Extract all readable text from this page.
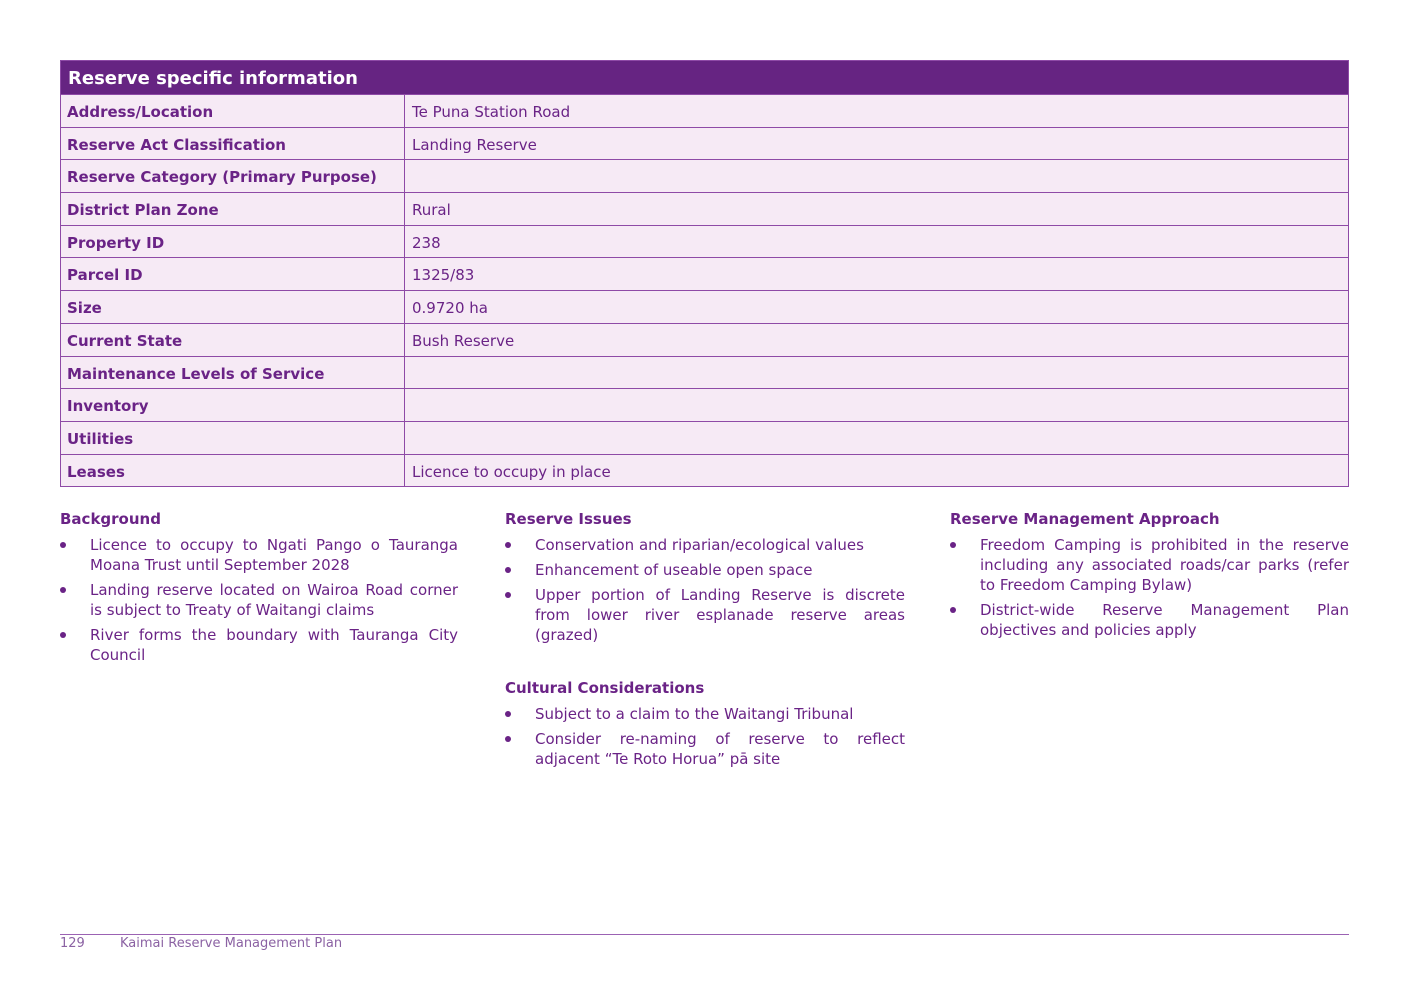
Reserve specific information
Address/Location	Te Puna Station Road
Reserve Act Classification	Landing Reserve
Reserve Category (Primary Purpose)
District Plan Zone	Rural
Property ID	238
Parcel ID	1325/83
Size	0.9720 ha
Current State	Bush Reserve
Maintenance Levels of Service
Inventory
Utilities
Leases	Licence to occupy in place
Background
Licence to occupy to Ngati Pango o Tauranga Moana Trust until September 2028
Landing reserve located on Wairoa Road corner is subject to Treaty of Waitangi claims
River forms the boundary with Tauranga City Council
Reserve Issues
Conservation and riparian/ecological values
Enhancement of useable open space
Upper portion of Landing Reserve is discrete from lower river esplanade reserve areas (grazed)
Cultural Considerations
Subject to a claim to the Waitangi Tribunal
Consider re-naming of reserve to reflect adjacent “Te Roto Horua” pā site
Reserve Management Approach
Freedom Camping is prohibited in the reserve including any associated roads/car parks (refer to Freedom Camping Bylaw)
District-wide Reserve Management Plan objectives and policies apply
129	Kaimai Reserve Management Plan
